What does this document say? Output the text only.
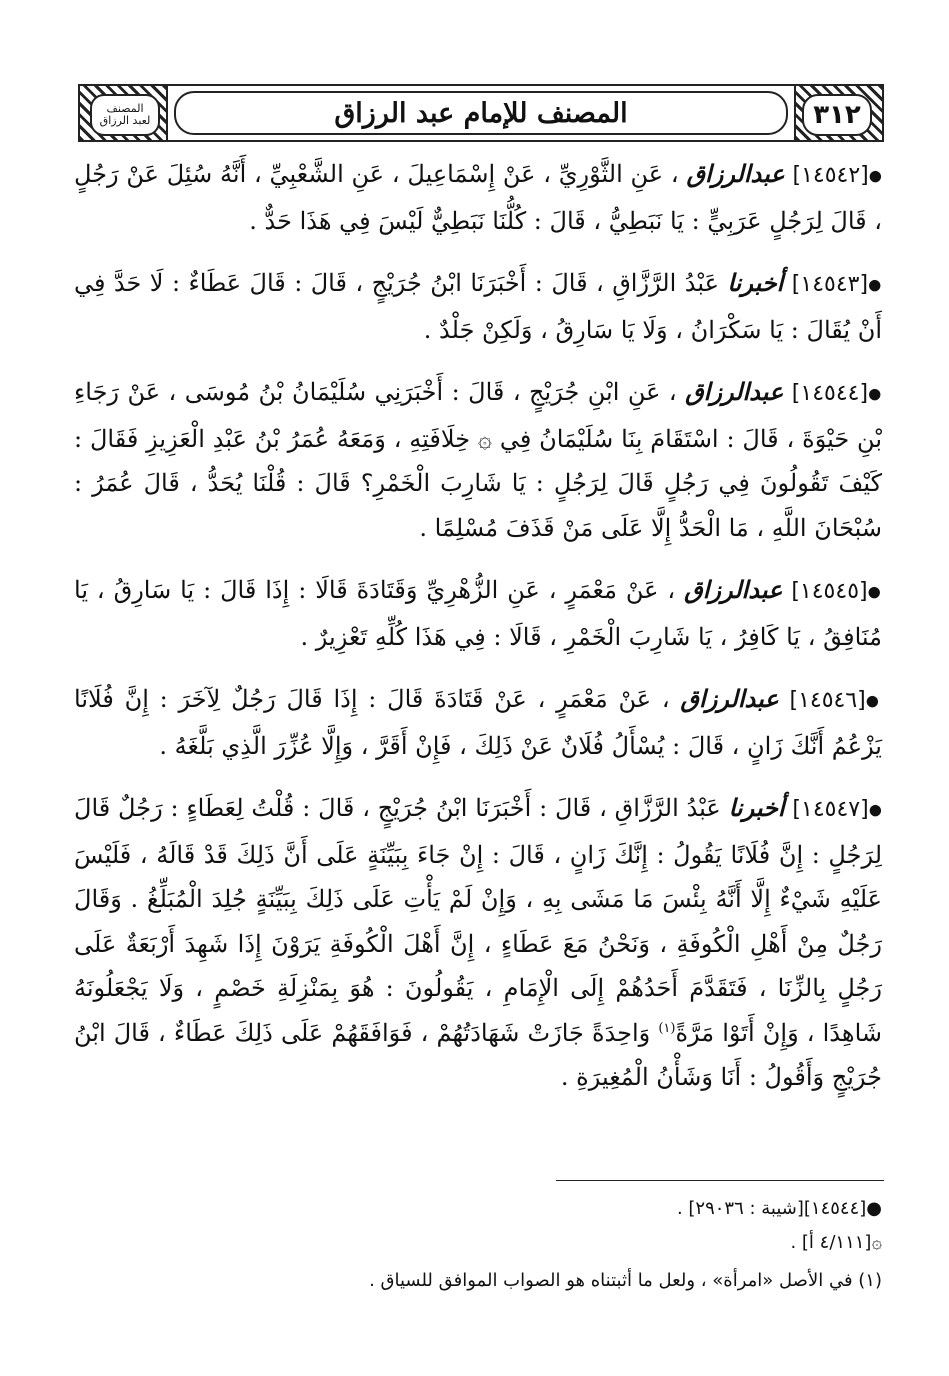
المصنف
لعبد الرزاق	المصنف للإمام عبد الرزاق	٣١٢

●[١٤٥٤٢] عبدالرزاق ، عَنِ الثَّوْرِيِّ ، عَنْ إِسْمَاعِيلَ ، عَنِ الشَّعْبِيِّ ، أَنَّهُ سُئِلَ عَنْ رَجُلٍ ، قَالَ لِرَجُلٍ عَرَبِيٍّ : يَا نَبَطِيُّ ، قَالَ : كُلُّنَا نَبَطِيٌّ لَيْسَ فِي هَذَا حَدٌّ .

●[١٤٥٤٣] أخبرنا عَبْدُ الرَّزَّاقِ ، قَالَ : أَخْبَرَنَا ابْنُ جُرَيْجٍ ، قَالَ : قَالَ عَطَاءٌ : لَا حَدَّ فِي أَنْ يُقَالَ : يَا سَكْرَانُ ، وَلَا يَا سَارِقُ ، وَلَكِنْ جَلْدٌ .

●[١٤٥٤٤] عبدالرزاق ، عَنِ ابْنِ جُرَيْجٍ ، قَالَ : أَخْبَرَنِي سُلَيْمَانُ بْنُ مُوسَى ، عَنْ رَجَاءِ بْنِ حَيْوَةَ ، قَالَ : اسْتَقَامَ بِنَا سُلَيْمَانُ فِي ۞ خِلَافَتِهِ ، وَمَعَهُ عُمَرُ بْنُ عَبْدِ الْعَزِيزِ فَقَالَ : كَيْفَ تَقُولُونَ فِي رَجُلٍ قَالَ لِرَجُلٍ : يَا شَارِبَ الْخَمْرِ؟ قَالَ : قُلْنَا يُحَدُّ ، قَالَ عُمَرُ : سُبْحَانَ اللَّهِ ، مَا الْحَدُّ إِلَّا عَلَى مَنْ قَذَفَ مُسْلِمًا .

●[١٤٥٤٥] عبدالرزاق ، عَنْ مَعْمَرٍ ، عَنِ الزُّهْرِيِّ وَقَتَادَةَ قَالَا : إِذَا قَالَ : يَا سَارِقُ ، يَا مُنَافِقُ ، يَا كَافِرُ ، يَا شَارِبَ الْخَمْرِ ، قَالَا : فِي هَذَا كُلِّهِ تَعْزِيرٌ .

●[١٤٥٤٦] عبدالرزاق ، عَنْ مَعْمَرٍ ، عَنْ قَتَادَةَ قَالَ : إِذَا قَالَ رَجُلٌ لِآخَرَ : إِنَّ فُلَانًا يَزْعُمُ أَنَّكَ زَانٍ ، قَالَ : يُسْأَلُ فُلَانٌ عَنْ ذَلِكَ ، فَإِنْ أَقَرَّ ، وَإِلَّا عُزِّرَ الَّذِي بَلَّغَهُ .

●[١٤٥٤٧] أخبرنا عَبْدُ الرَّزَّاقِ ، قَالَ : أَخْبَرَنَا ابْنُ جُرَيْجٍ ، قَالَ : قُلْتُ لِعَطَاءٍ : رَجُلٌ قَالَ لِرَجُلٍ : إِنَّ فُلَانًا يَقُولُ : إِنَّكَ زَانٍ ، قَالَ : إِنْ جَاءَ بِبَيِّنَةٍ عَلَى أَنَّ ذَلِكَ قَدْ قَالَهُ ، فَلَيْسَ عَلَيْهِ شَيْءٌ إِلَّا أَنَّهُ بِئْسَ مَا مَشَى بِهِ ، وَإِنْ لَمْ يَأْتِ عَلَى ذَلِكَ بِبَيِّنَةٍ جُلِدَ الْمُبَلِّغُ . وَقَالَ رَجُلٌ مِنْ أَهْلِ الْكُوفَةِ ، وَنَحْنُ مَعَ عَطَاءٍ ، إِنَّ أَهْلَ الْكُوفَةِ يَرَوْنَ إِذَا شَهِدَ أَرْبَعَةٌ عَلَى رَجُلٍ بِالزِّنَا ، فَتَقَدَّمَ أَحَدُهُمْ إِلَى الْإِمَامِ ، يَقُولُونَ : هُوَ بِمَنْزِلَةِ خَصْمٍ ، وَلَا يَجْعَلُونَهُ شَاهِدًا ، وَإِنْ أَتَوْا مَرَّةً$^{(١)}$ وَاحِدَةً جَازَتْ شَهَادَتُهُمْ ، فَوَافَقَهُمْ عَلَى ذَلِكَ عَطَاءٌ ، قَالَ ابْنُ جُرَيْجٍ وَأَقُولُ : أَنَا وَشَأْنُ الْمُغِيرَةِ .

●[١٤٥٤٤][شيبة : ٢٩٠٣٦] .
۞[٤/١١١ أ] .
(١) في الأصل «امرأة» ، ولعل ما أثبتناه هو الصواب الموافق للسياق .
